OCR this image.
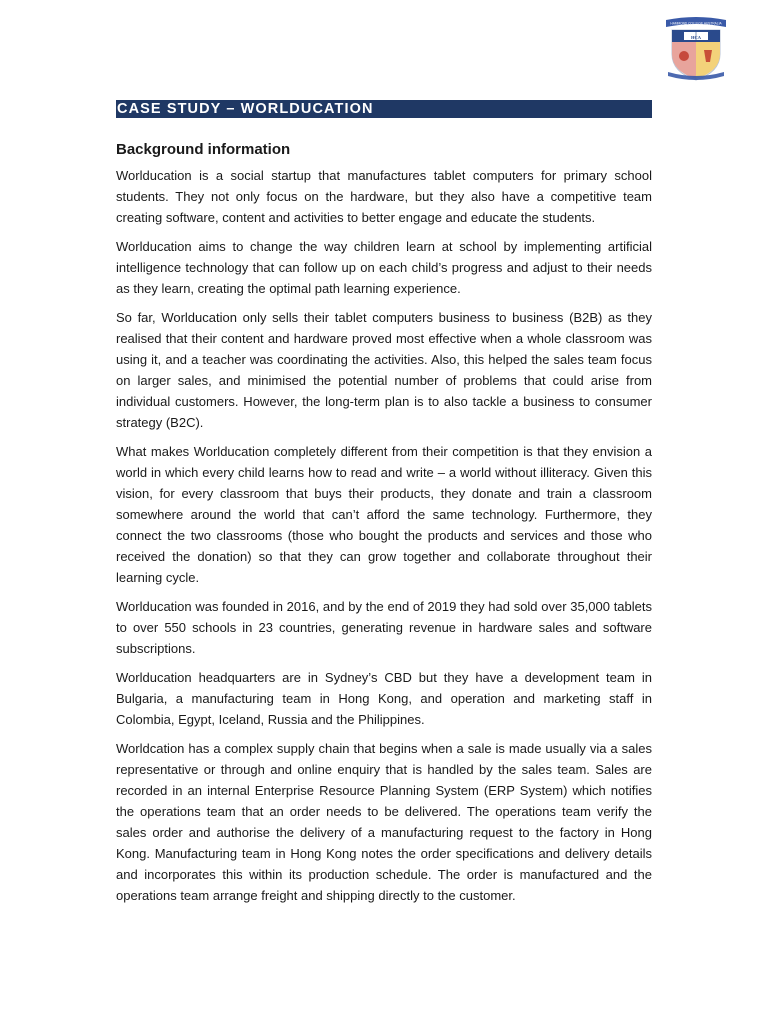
HAMMOND COLLEGE AUSTRALIA
HCA
CASE STUDY – WORLDUCATION
Background information

Worlducation is a social startup that manufactures tablet computers for primary school students. They not only focus on the hardware, but they also have a competitive team creating software, content and activities to better engage and educate the students.

Worlducation aims to change the way children learn at school by implementing artificial intelligence technology that can follow up on each child’s progress and adjust to their needs as they learn, creating the optimal path learning experience.

So far, Worlducation only sells their tablet computers business to business (B2B) as they realised that their content and hardware proved most effective when a whole classroom was using it, and a teacher was coordinating the activities. Also, this helped the sales team focus on larger sales, and minimised the potential number of problems that could arise from individual customers. However, the long-term plan is to also tackle a business to consumer strategy (B2C).

What makes Worlducation completely different from their competition is that they envision a world in which every child learns how to read and write – a world without illiteracy. Given this vision, for every classroom that buys their products, they donate and train a classroom somewhere around the world that can’t afford the same technology. Furthermore, they connect the two classrooms (those who bought the products and services and those who received the donation) so that they can grow together and collaborate throughout their learning cycle.

Worlducation was founded in 2016, and by the end of 2019 they had sold over 35,000 tablets to over 550 schools in 23 countries, generating revenue in hardware sales and software subscriptions.

Worlducation headquarters are in Sydney’s CBD but they have a development team in Bulgaria, a manufacturing team in Hong Kong, and operation and marketing staff in Colombia, Egypt, Iceland, Russia and the Philippines.

Worldcation has a complex supply chain that begins when a sale is made usually via a sales representative or through and online enquiry that is handled by the sales team. Sales are recorded in an internal Enterprise Resource Planning System (ERP System) which notifies the operations team that an order needs to be delivered. The operations team verify the sales order and authorise the delivery of a manufacturing request to the factory in Hong Kong. Manufacturing team in Hong Kong notes the order specifications and delivery details and incorporates this within its production schedule. The order is manufactured and the operations team arrange freight and shipping directly to the customer.
